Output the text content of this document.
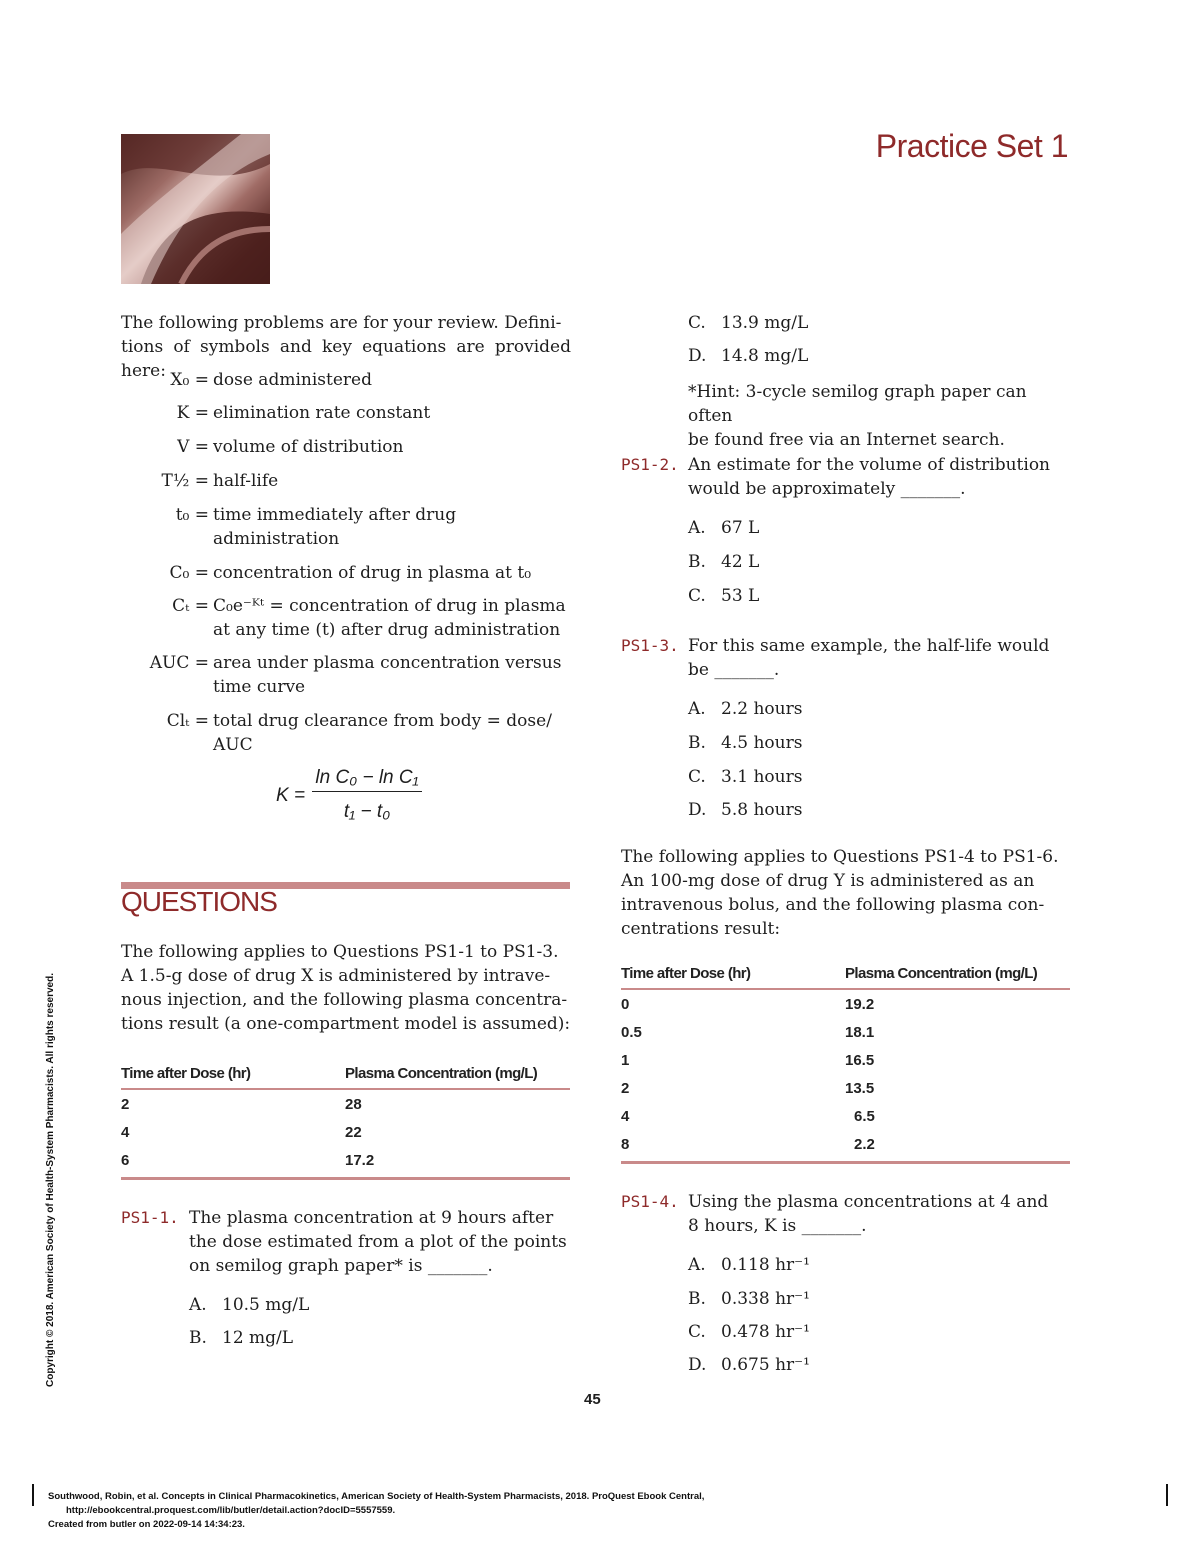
Practice Set 1
The following problems are for your review. Defini-
tions of symbols and key equations are provided here: X₀ = dose administered
K = elimination rate constant
V = volume of distribution
T½ = half-life
t₀ = time immediately after drug administration
C₀ = concentration of drug in plasma at t₀
Cₜ = C₀e⁻ᴷᵗ = concentration of drug in plasma at any time (t) after drug administration
AUC = area under plasma concentration versus time curve
Clₜ = total drug clearance from body = dose/ AUC
K =
ln C₀ − ln C₁
t₁ − t₀
QUESTIONS
The following applies to Questions PS1-1 to PS1-3.
A 1.5-g dose of drug X is administered by intrave-
nous injection, and the following plasma concentra-
tions result (a one-compartment model is assumed):
Time after Dose (hr)	Plasma Concentration (mg/L)
2	28
4	22
6	17.2
PS1-1. The plasma concentration at 9 hours after
the dose estimated from a plot of the points
on semilog graph paper* is _______.
A. 10.5 mg/L
B. 12 mg/L
C. 13.9 mg/L
D. 14.8 mg/L
*Hint: 3-cycle semilog graph paper can often
be found free via an Internet search.
PS1-2. An estimate for the volume of distribution
would be approximately _______.
A. 67 L
B. 42 L
C. 53 L
PS1-3. For this same example, the half-life would
be _______.
A. 2.2 hours
B. 4.5 hours
C. 3.1 hours
D. 5.8 hours
The following applies to Questions PS1-4 to PS1-6.
An 100-mg dose of drug Y is administered as an
intravenous bolus, and the following plasma con-
centrations result:
Time after Dose (hr)	Plasma Concentration (mg/L)
0	19.2
0.5	18.1
1	16.5
2	13.5
4	6.5
8	2.2
PS1-4. Using the plasma concentrations at 4 and
8 hours, K is _______.
A. 0.118 hr⁻¹
B. 0.338 hr⁻¹
C. 0.478 hr⁻¹
D. 0.675 hr⁻¹
45
Copyright © 2018. American Society of Health-System Pharmacists. All rights reserved.
Southwood, Robin, et al. Concepts in Clinical Pharmacokinetics, American Society of Health-System Pharmacists, 2018. ProQuest Ebook Central,
http://ebookcentral.proquest.com/lib/butler/detail.action?docID=5557559.
Created from butler on 2022-09-14 14:34:23.
